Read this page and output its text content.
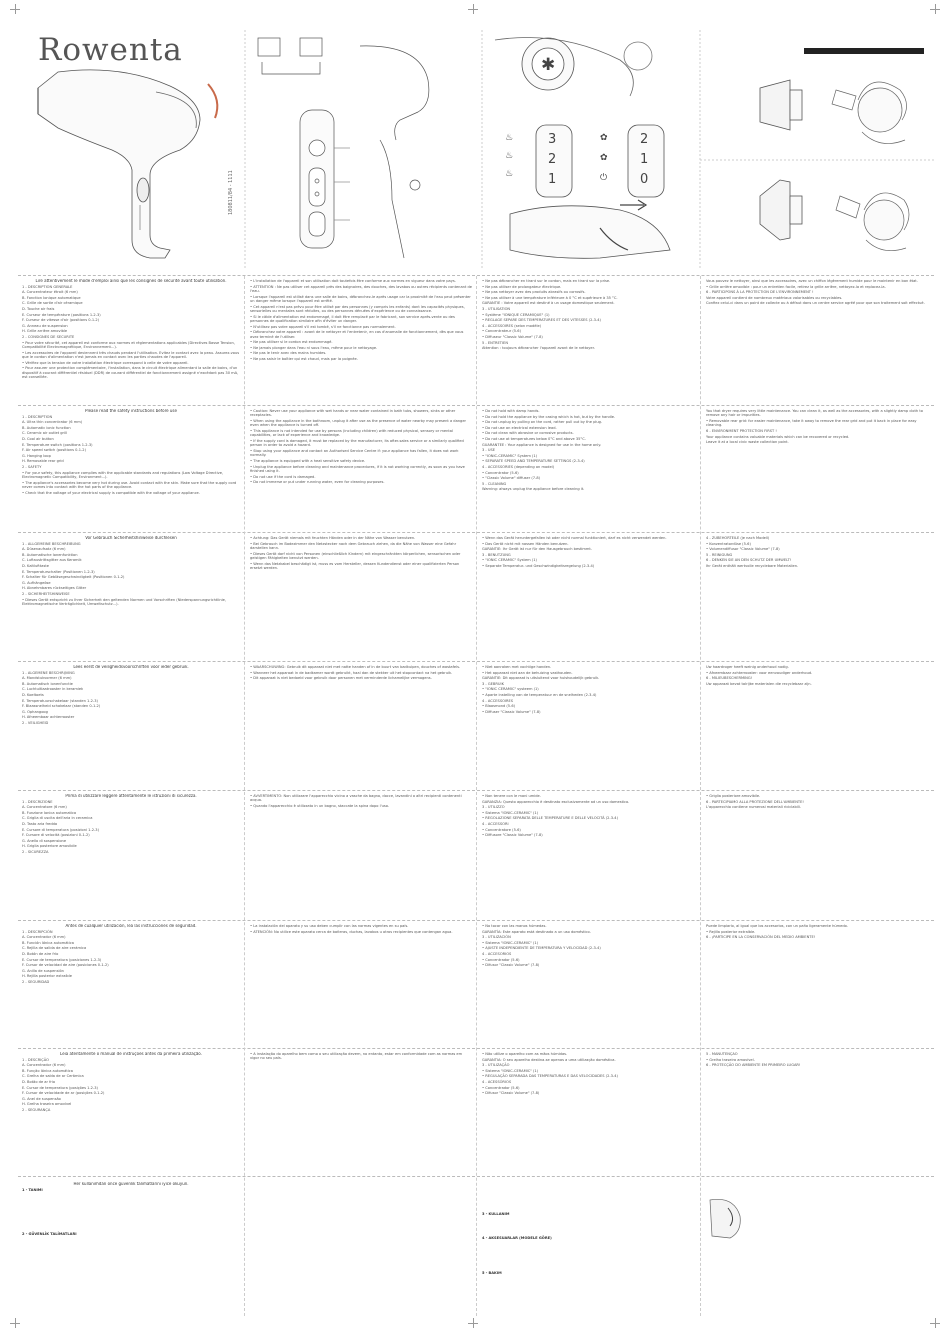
Rowenta
180811/84 - 1111
✱
♨
♨
♨
3
2
1
✿
✿
⏻
2
1
0

Lire attentivement le mode d'emploi ainsi que les consignes de sécurité avant toute utilisation.

1 - DESCRIPTION GENERALE

A. Concentrateur étroit (6 mm)

B. Fonction Ionique automatique

C. Grille de sortie d'air céramique

D. Touche air frais

E. Curseur de température (positions 1-2-3)

F. Curseur de vitesse d'air (positions 0-1-2)

G. Anneau de suspension

H. Grille arrière amovible

2 - CONSIGNES DE SECURITE

• Pour votre sécurité, cet appareil est conforme aux normes et réglementations applicables (Directives Basse Tension, Compatibilité Electromagnétique, Environnement...).

• Les accessoires de l'appareil deviennent très chauds pendant l'utilisation. Evitez le contact avec la peau. Assurez-vous que le cordon d'alimentation n'est jamais en contact avec les parties chaudes de l'appareil.

• Vérifiez que la tension de votre installation électrique correspond à celle de votre appareil.

• Pour assurer une protection complémentaire, l'installation, dans le circuit électrique alimentant la salle de bains, d'un dispositif à courant différentiel résiduel (DDR) de courant différentiel de fonctionnement assigné n'excédant pas 30 mA, est conseillée.

• L'installation de l'appareil et son utilisation doit toutefois être conforme aux normes en vigueur dans votre pays.

• ATTENTION : Ne pas utiliser cet appareil près des baignoires, des douches, des lavabos ou autres récipients contenant de l'eau.

• Lorsque l'appareil est utilisé dans une salle de bains, débranchez-le après usage car la proximité de l'eau peut présenter un danger même lorsque l'appareil est arrêté.

• Cet appareil n'est pas prévu pour être utilisé par des personnes (y compris les enfants) dont les capacités physiques, sensorielles ou mentales sont réduites, ou des personnes dénuées d'expérience ou de connaissance.

• Si le câble d'alimentation est endommagé, il doit être remplacé par le fabricant, son service après-vente ou des personnes de qualification similaire afin d'éviter un danger.

• N'utilisez pas votre appareil s'il est tombé, s'il ne fonctionne pas normalement.

• Débranchez votre appareil : avant de le nettoyer et l'entretenir, en cas d'anomalie de fonctionnement, dès que vous avez terminé de l'utiliser.

• Ne pas utiliser si le cordon est endommagé.

• Ne jamais plonger dans l'eau ni sous l'eau, même pour le nettoyage.

• Ne pas le tenir avec des mains humides.

• Ne pas saisir le boîtier qui est chaud, mais par la poignée.

• Ne pas débrancher en tirant sur le cordon, mais en tirant sur la prise.

• Ne pas utiliser de prolongateur électrique.

• Ne pas nettoyer avec des produits abrasifs ou corrosifs.

• Ne pas utiliser à une température inférieure à 0 °C et supérieure à 35 °C.

GARANTIE : Votre appareil est destiné à un usage domestique seulement.

3 - UTILISATION

• Système "IONIQUE CERAMIQUE" (1)

• REGLAGE SEPARE DES TEMPERATURES ET DES VITESSES (2-3-4)

4 - ACCESSOIRES (selon modèle)

• Concentrateur (5-6)

• Diffuseur "Classic Volume" (7-8)

5 - ENTRETIEN

Attention : toujours débrancher l'appareil avant de le nettoyer.

Vous pouvez le nettoyer, ainsi que les accessoires, avec un chiffon légèrement humide pour le maintenir en bon état.

• Grille arrière amovible : pour un entretien facile, retirez la grille arrière, nettoyez-la et replacez-la.

6 - PARTICIPONS À LA PROTECTION DE L'ENVIRONNEMENT !

Votre appareil contient de nombreux matériaux valorisables ou recyclables.

Confiez celui-ci dans un point de collecte ou à défaut dans un centre service agréé pour que son traitement soit effectué.

Please read the safety instructions before use

1 - DESCRIPTION

A. Ultra thin concentrator (6 mm)

B. Automatic ionic function

C. Ceramic air outlet grill

D. Cool air button

E. Temperature switch (positions 1-2-3)

F. Air speed switch (positions 0-1-2)

G. Hanging loop

H. Removable rear grid

2 - SAFETY

• For your safety, this appliance complies with the applicable standards and regulations (Low Voltage Directive, Electromagnetic Compatibility, Environment...).

• The appliance's accessories become very hot during use. Avoid contact with the skin. Make sure that the supply cord never comes into contact with the hot parts of the appliance.

• Check that the voltage of your electrical supply is compatible with the voltage of your appliance.

• Caution: Never use your appliance with wet hands or near water contained in bath tubs, showers, sinks or other receptacles.

• When using the appliance in the bathroom, unplug it after use as the presence of water nearby may present a danger even when the appliance is turned off.

• This appliance is not intended for use by persons (including children) with reduced physical, sensory or mental capabilities, or lack of experience and knowledge.

• If the supply cord is damaged, it must be replaced by the manufacturer, its after-sales service or a similarly qualified person in order to avoid a hazard.

• Stop using your appliance and contact an Authorised Service Centre if: your appliance has fallen, it does not work normally.

• The appliance is equipped with a heat sensitive safety device.

• Unplug the appliance before cleaning and maintenance procedures, if it is not working correctly, as soon as you have finished using it.

• Do not use if the cord is damaged.

• Do not immerse or put under running water, even for cleaning purposes.

• Do not hold with damp hands.

• Do not hold the appliance by the casing which is hot, but by the handle.

• Do not unplug by pulling on the cord, rather pull out by the plug.

• Do not use an electrical extension lead.

• Do not clean with abrasive or corrosive products.

• Do not use at temperatures below 0°C and above 35°C.

GUARANTEE : Your appliance is designed for use in the home only.

3 - USE

• "IONIC-CERAMIC" System (1)

• SEPARATE SPEED AND TEMPERATURE SETTINGS (2-3-4)

4 - ACCESSORIES (depending on model)

• Concentrator (5-6)

• "Classic Volume" diffuser (7-8)

5 - CLEANING

Warning: always unplug the appliance before cleaning it.

You that dryer requires very little maintenance. You can clean it, as well as the accessories, with a slightly damp cloth to remove any hair or impurities.

• Removable rear grid: for easier maintenance, take it away to remove the rear grid and put it back in place for easy cleaning.

6 - ENVIRONMENT PROTECTION FIRST !

Your appliance contains valuable materials which can be recovered or recycled.

Leave it at a local civic waste collection point.

Vor Gebrauch Sicherheitshinweise durchlesen

1 - ALLGEMEINE BESCHREIBUNG

A. Düsenaufsatz (6 mm)

B. Automatische Ionenfunktion

C. Luftaustrittsgitter aus Keramik

D. Kaltlufttaste

E. Temperaturschalter (Positionen 1-2-3)

F. Schalter für Gebläsegeschwindigkeit (Positionen 0-1-2)

G. Aufhängeöse

H. Abnehmbares rückseitiges Gitter

2 - SICHERHEITSHINWEISE

• Dieses Gerät entspricht zu Ihrer Sicherheit den geltenden Normen und Vorschriften (Niederspannungsrichtlinie, Elektromagnetische Verträglichkeit, Umweltschutz...).

• Achtung: Das Gerät niemals mit feuchten Händen oder in der Nähe von Wasser benutzen.

• Bei Gebrauch im Badezimmer den Netzstecker nach dem Gebrauch ziehen, da die Nähe von Wasser eine Gefahr darstellen kann.

• Dieses Gerät darf nicht von Personen (einschließlich Kindern) mit eingeschränkten körperlichen, sensorischen oder geistigen Fähigkeiten benutzt werden.

• Wenn das Netzkabel beschädigt ist, muss es vom Hersteller, dessen Kundendienst oder einer qualifizierten Person ersetzt werden.

• Wenn das Gerät heruntergefallen ist oder nicht normal funktioniert, darf es nicht verwendet werden.

• Das Gerät nicht mit nassen Händen benutzen.

GARANTIE: Ihr Gerät ist nur für den Hausgebrauch bestimmt.

3 - BENUTZUNG

• "IONIC CERAMIC" System (1)

• Separate Temperatur- und Geschwindigkeitsregelung (2-3-4)

4 - ZUBEHÖRTEILE (je nach Modell)

• Konzentratordüse (5-6)

• Volumendiffusor "Classic Volume" (7-8)

5 - REINIGUNG

6 - DENKEN SIE AN DEN SCHUTZ DER UMWELT!

Ihr Gerät enthält wertvolle recyclebare Materialien.

Lees eerst de veiligheidsvoorschriften voor ieder gebruik.

1 - ALGEMENE BESCHRIJVING

A. Mondstukvormer (6 mm)

B. Automatisch ionenfunctie

C. Luchtuitlaatrooster in keramiek

D. Koeltoets

E. Temperatuurschakelaar (standen 1-2-3)

F. Blaassnelheid schakelaar (standen 0-1-2)

G. Ophangoog

H. Afneembaar achterrooster

2 - VEILIGHEID

• WAARSCHUWING: Gebruik dit apparaat niet met natte handen of in de buurt van badkuipen, douches of wastafels.

• Wanneer het apparaat in de badkamer wordt gebruikt, haal dan de stekker uit het stopcontact na het gebruik.

• Dit apparaat is niet bedoeld voor gebruik door personen met verminderde lichamelijke vermogens.

• Niet aanraken met vochtige handen.

• Het apparaat niet aan de behuizing vasthouden.

GARANTIE: Dit apparaat is uitsluitend voor huishoudelijk gebruik.

3 - GEBRUIK

• "IONIC CERAMIC" systeem (1)

• Aparte instelling van de temperatuur en de snelheden (2-3-4)

4 - ACCESSOIRES

• Blaasmond (5-6)

• Diffuser "Classic Volume" (7-8)

Uw haardroger heeft weinig onderhoud nodig.

• Afneembaar achterrooster: voor eenvoudiger onderhoud.

6 - MILIEUBESCHERMING!

Uw apparaat bevat talrijke materialen die recyclebaar zijn.

Prima di utilizzare leggere attentamente le istruzioni di sicurezza.

1 - DESCRIZIONE

A. Concentratore (6 mm)

B. Funzione Ionica automatica

C. Griglia di uscita dell'aria in ceramica

D. Tasto aria fredda

E. Cursore di temperatura (posizioni 1-2-3)

F. Cursore di velocità (posizioni 0-1-2)

G. Anello di sospensione

H. Griglia posteriore amovibile

2 - SICUREZZA

• AVVERTIMENTO: Non utilizzare l'apparecchio vicino a vasche da bagno, docce, lavandini o altri recipienti contenenti acqua.

• Quando l'apparecchio è utilizzato in un bagno, staccate la spina dopo l'uso.

• Non tenere con le mani umide.

GARANZIA: Questo apparecchio è destinato esclusivamente ad un uso domestico.

3 - UTILIZZO

• Sistema "IONIC-CERAMIC" (1)

• REGOLAZIONE SEPARATA DELLE TEMPERATURE E DELLE VELOCITÀ (2-3-4)

4 - ACCESSORI

• Concentratore (5-6)

• Diffusore "Classic Volume" (7-8)

• Griglia posteriore amovibile.

6 - PARTECIPIAMO ALLA PROTEZIONE DELL'AMBIENTE!

L'apparecchio contiene numerosi materiali riciclabili.

Antes de cualquier utilización, lea las instrucciones de seguridad.

1 - DESCRIPCIÓN

A. Concentrador (6 mm)

B. Función Iónica automática

C. Rejilla de salida de aire cerámica

D. Botón de aire frío

E. Cursor de temperatura (posiciones 1-2-3)

F. Cursor de velocidad de aire (posiciones 0-1-2)

G. Anilla de suspensión

H. Rejilla posterior extraíble

2 - SEGURIDAD

• La instalación del aparato y su uso deben cumplir con las normas vigentes en su país.

• ATENCIÓN: No utilice este aparato cerca de bañeras, duchas, lavabos u otros recipientes que contengan agua.

• No tocar con las manos húmedas.

GARANTÍA: Este aparato está destinado a un uso doméstico.

3 - UTILIZACIÓN

• Sistema "IONIC-CERAMIC" (1)

• AJUSTE INDEPENDIENTE DE TEMPERATURA Y VELOCIDAD (2-3-4)

4 - ACCESORIOS

• Concentrador (5-6)

• Difusor "Classic Volume" (7-8)

Puede limpiarlo, al igual que los accesorios, con un paño ligeramente húmedo.

• Rejilla posterior extraíble.

6 - ¡PARTICIPE EN LA CONSERVACIÓN DEL MEDIO AMBIENTE!

Leia atentamente o manual de instruções antes da primeira utilização.

1 - DESCRIÇÃO

A. Concentrador (6 mm)

B. Função Iónica automática

C. Grelha de saída de ar Cerâmica

D. Botão de ar frio

E. Cursor de temperatura (posições 1-2-3)

F. Cursor de velocidade de ar (posições 0-1-2)

G. Anel de suspensão

H. Grelha traseira amovível

2 - SEGURANÇA

• A instalação do aparelho bem como o seu utilização devem, no entanto, estar em conformidade com as normas em vigor no seu país.

• Não utilize o aparelho com as mãos húmidas.

GARANTIA: O seu aparelho destina-se apenas a uma utilização doméstica.

3 - UTILIZAÇÃO

• Sistema "IONIC-CERAMIC" (1)

• REGULAÇÃO SEPARADA DAS TEMPERATURAS E DAS VELOCIDADES (2-3-4)

4 - ACESSÓRIOS

• Concentrador (5-6)

• Difusor "Classic Volume" (7-8)

5 - MANUTENÇÃO

• Grelha traseira amovível.

6 - PROTECÇÃO DO AMBIENTE EM PRIMEIRO LUGAR!

Her kullanımdan önce güvenlik talimatlarını iyice okuyun.

1 - TANIMI

2 - GÜVENLİK TALİMATLARI

3 - KULLANIM

4 - AKSESUARLAR (MODELE GÖRE)

5 - BAKIM
